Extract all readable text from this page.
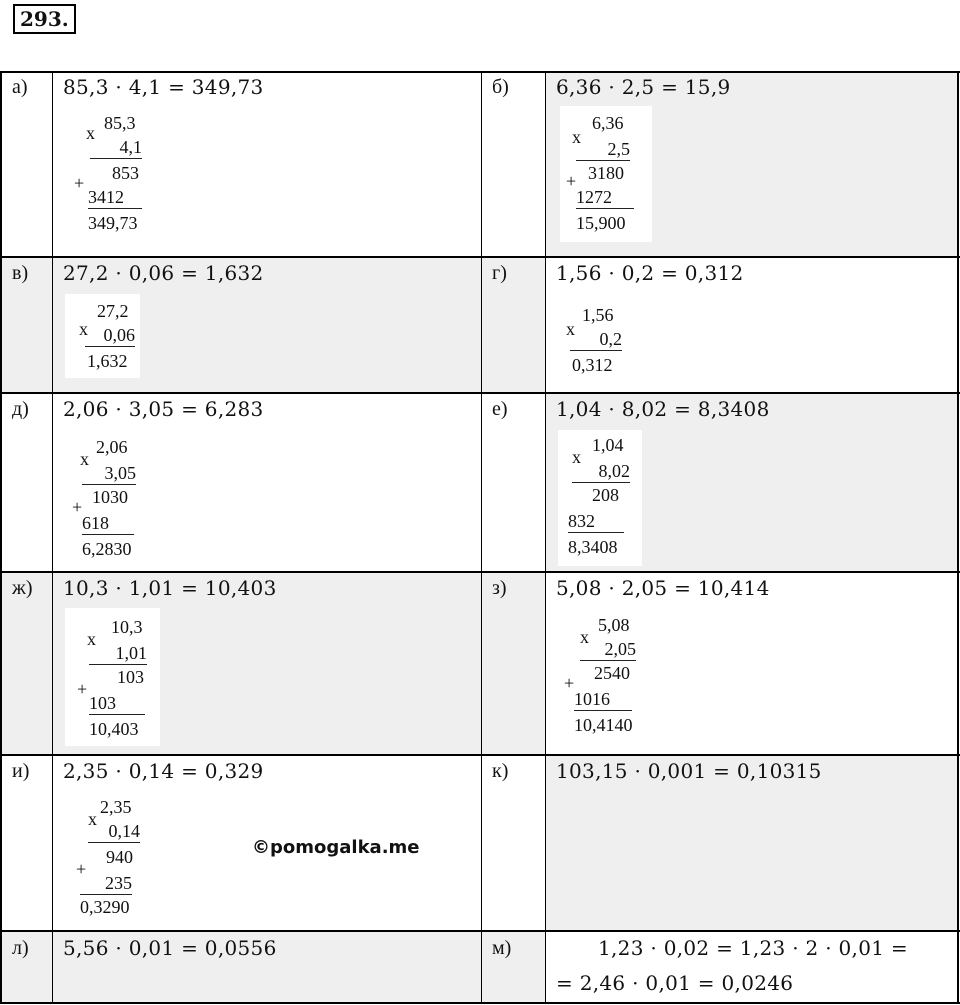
293.
а) 85,3 · 4,1 = 349,73
x 85,3
4,1
853
+
3412
349,73
б) 6,36 · 2,5 = 15,9
x
6,36
2,5
3180
+
1272
15,900
в) 27,2 · 0,06 = 1,632
x
27,2
0,06
1,632
г) 1,56 · 0,2 = 0,312
x
1,56
0,2
0,312
д) 2,06 · 3,05 = 6,283
x
2,06
3,05
1030
+
618
6,2830
е) 1,04 · 8,02 = 8,3408
x
1,04
8,02
208
832
8,3408
ж) 10,3 · 1,01 = 10,403
x
10,3
1,01
103
+
103
10,403
з) 5,08 · 2,05 = 10,414
x
5,08
2,05
2540
+
1016
10,4140
и) 2,35 · 0,14 = 0,329
x
2,35
0,14
940
+
235
0,3290
©pomogalka.me
к) 103,15 · 0,001 = 0,10315
л) 5,56 · 0,01 = 0,0556	м)	1,23 · 0,02 = 1,23 · 2 · 0,01 =
= 2,46 · 0,01 = 0,0246
